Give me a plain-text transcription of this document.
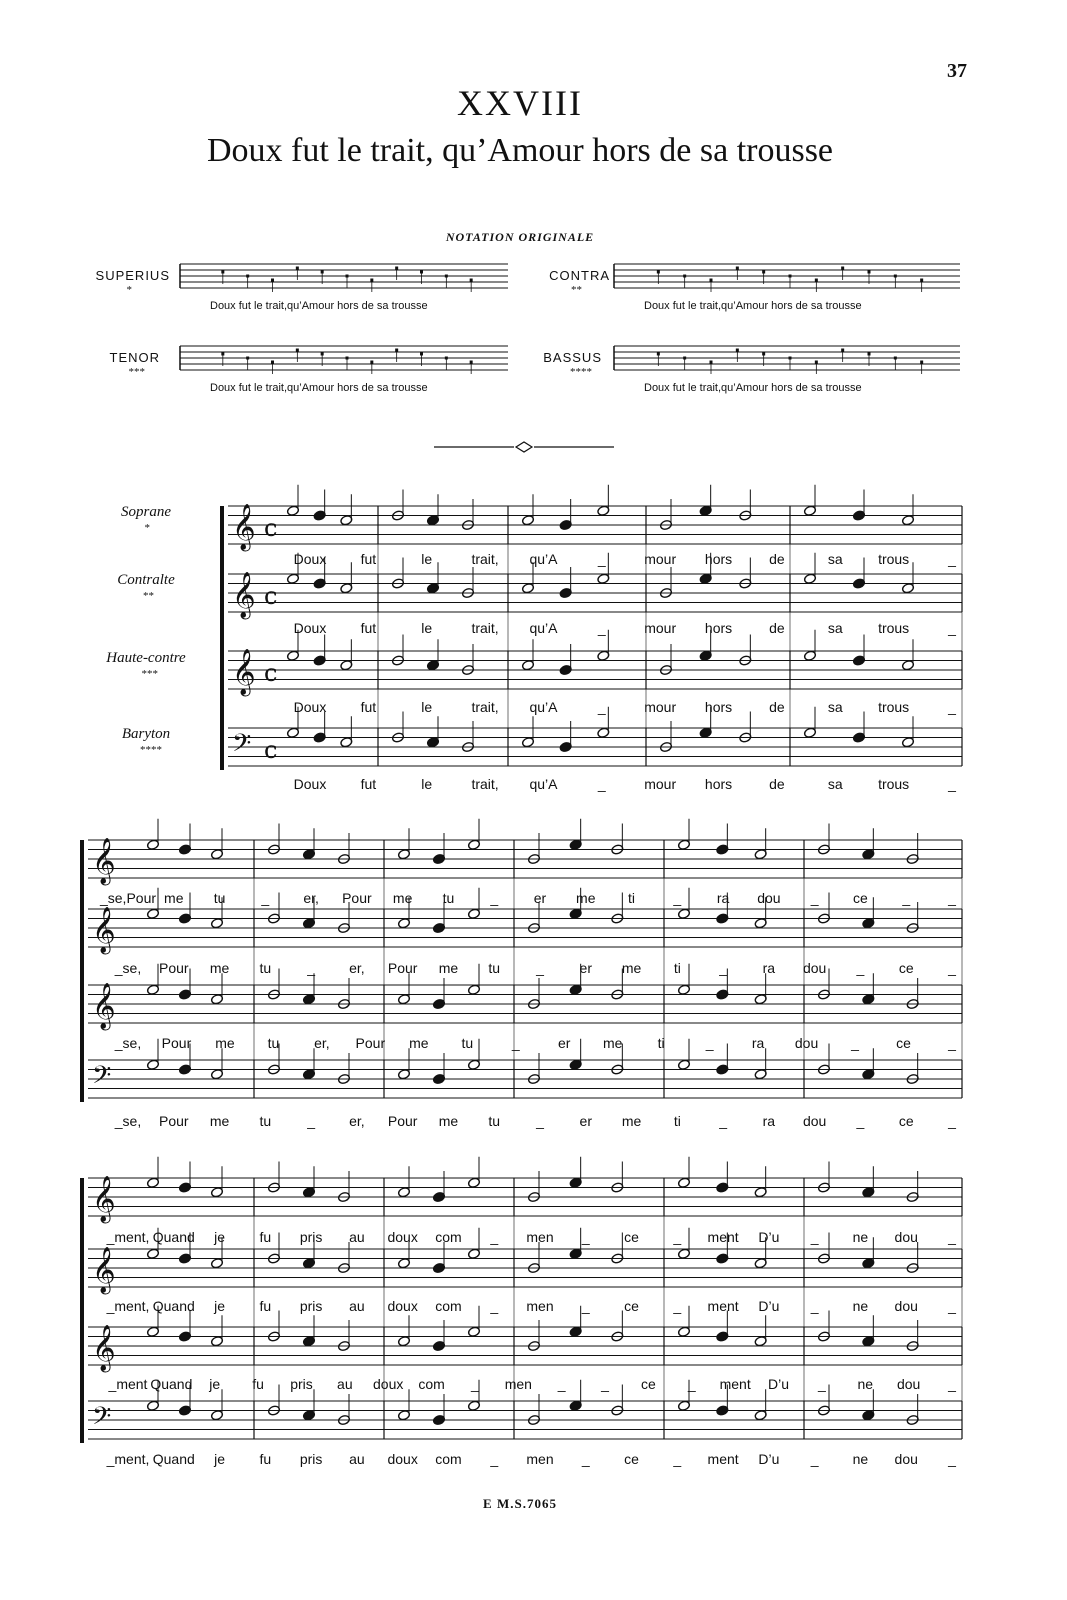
37
XXVIII
Doux fut le trait, qu’Amour hors de sa trousse
NOTATION ORIGINALE
SUPERIUS
*
CONTRA
**
TENOR
***
BASSUS
****
Doux fut le trait,qu’Amour hors de sa trousse	Doux fut le trait,qu’Amour hors de sa trousse
Doux fut le trait,qu’Amour hors de sa trousse	Doux fut le trait,qu’Amour hors de sa trousse
Soprane
*
Contralte
**
Haute-contre
***
Baryton
****
𝄞 c
𝄞 c
𝄞 c
𝄢 c
𝄞
𝄞
𝄞
𝄢
𝄞
𝄞
𝄞
𝄢
Doux fut	le	trait, qu’A	_	mour hors	de	sa	trous	_
Doux fut	le	trait, qu’A	_	mour hors	de	sa	trous	_
Doux fut	le	trait, qu’A	_	mour hors	de	sa	trous	_
Doux fut	le	trait, qu’A	_	mour hors	de	sa	trous	_
_se,Pour me tu	_ er, Pour me tu	_	er me ti	_	ra dou _ ce _	_
_se, Pour me tu	_ er, Pour me tu	_	er me ti	_	ra dou _ ce _
_se, Pour me tu er, Pour me tu	_	er me	ti	_	ra dou _	ce	_
_se, Pour me tu	_ er, Pour me tu	_	er me ti	_	ra dou _ ce _
_ment, Quand je fu pris au doux com _ men _ ce _ ment D’u _ ne dou _
_ment, Quand je fu pris au doux com _ men _ ce _ ment D’u _ ne dou _
_ment Quand je fu pris au doux com _ men _	_ ce _ ment D’u _ ne dou _
_ment, Quand je fu pris au doux com _ men _ ce _ ment D’u _ ne dou _
E M.S.7065
